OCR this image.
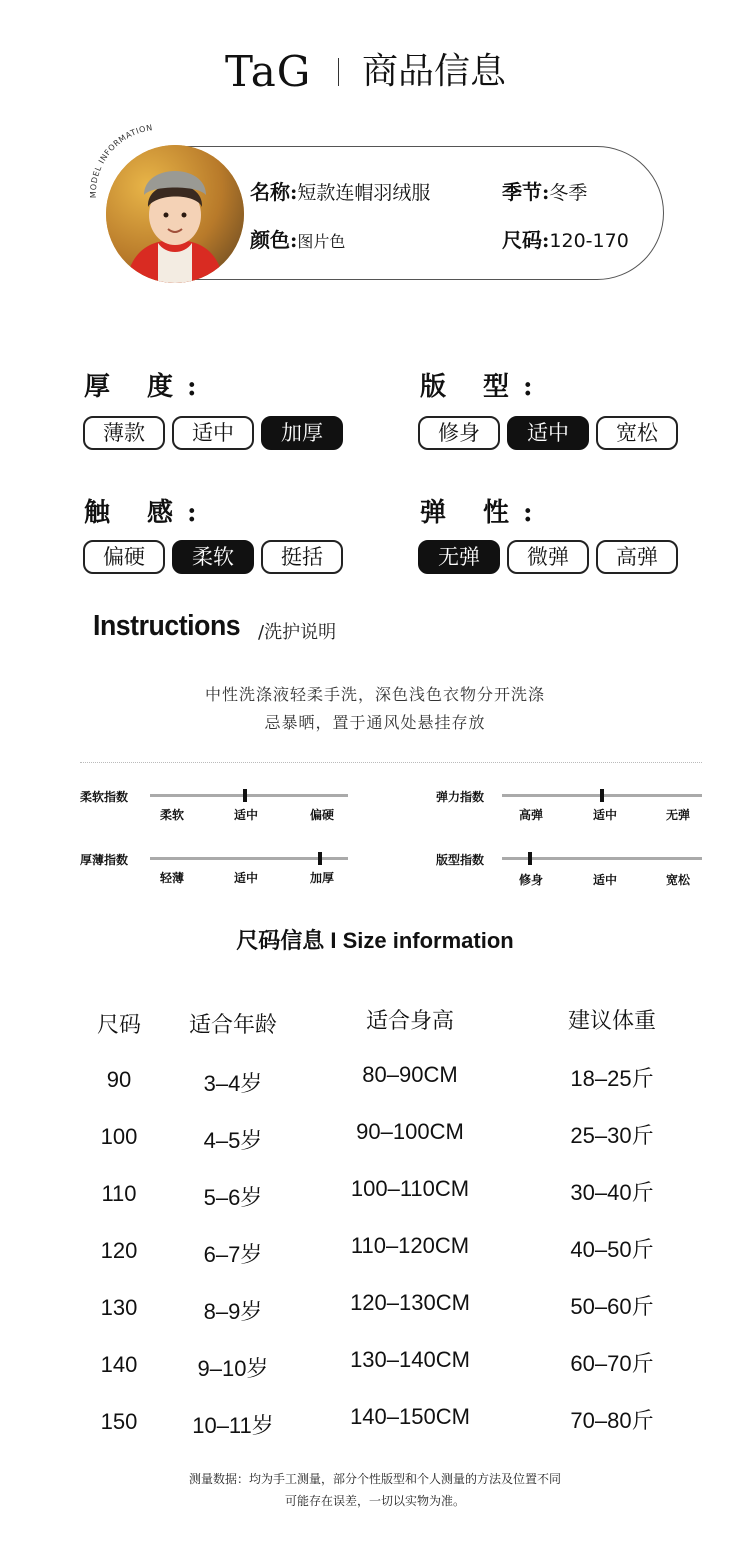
TaG 商品信息
MODEL INFORMATION
名称:短款连帽羽绒服	季节:冬季
颜色:图片色	尺码:120-170
厚 度:
薄款	适中	加厚
版 型:
修身	适中	宽松
触 感:
偏硬	柔软	挺括
弹 性:
无弹	微弹	高弹
Instructions /洗护说明
中性洗涤液轻柔手洗，深色浅色衣物分开洗涤
忌暴晒，置于通风处悬挂存放
柔软指数
柔软	适中	偏硬
弹力指数
高弹	适中	无弹
厚薄指数
轻薄	适中	加厚
版型指数
修身	适中	宽松
尺码信息 I Size information
尺码	适合年龄	适合身高	建议体重
90	3–4岁	80–90CM	18–25斤
100	4–5岁	90–100CM	25–30斤
110	5–6岁	100–110CM	30–40斤
120	6–7岁	110–120CM	40–50斤
130	8–9岁	120–130CM	50–60斤
140	9–10岁	130–140CM	60–70斤
150	10–11岁	140–150CM	70–80斤
测量数据：均为手工测量，部分个性版型和个人测量的方法及位置不同
可能存在误差，一切以实物为准。
